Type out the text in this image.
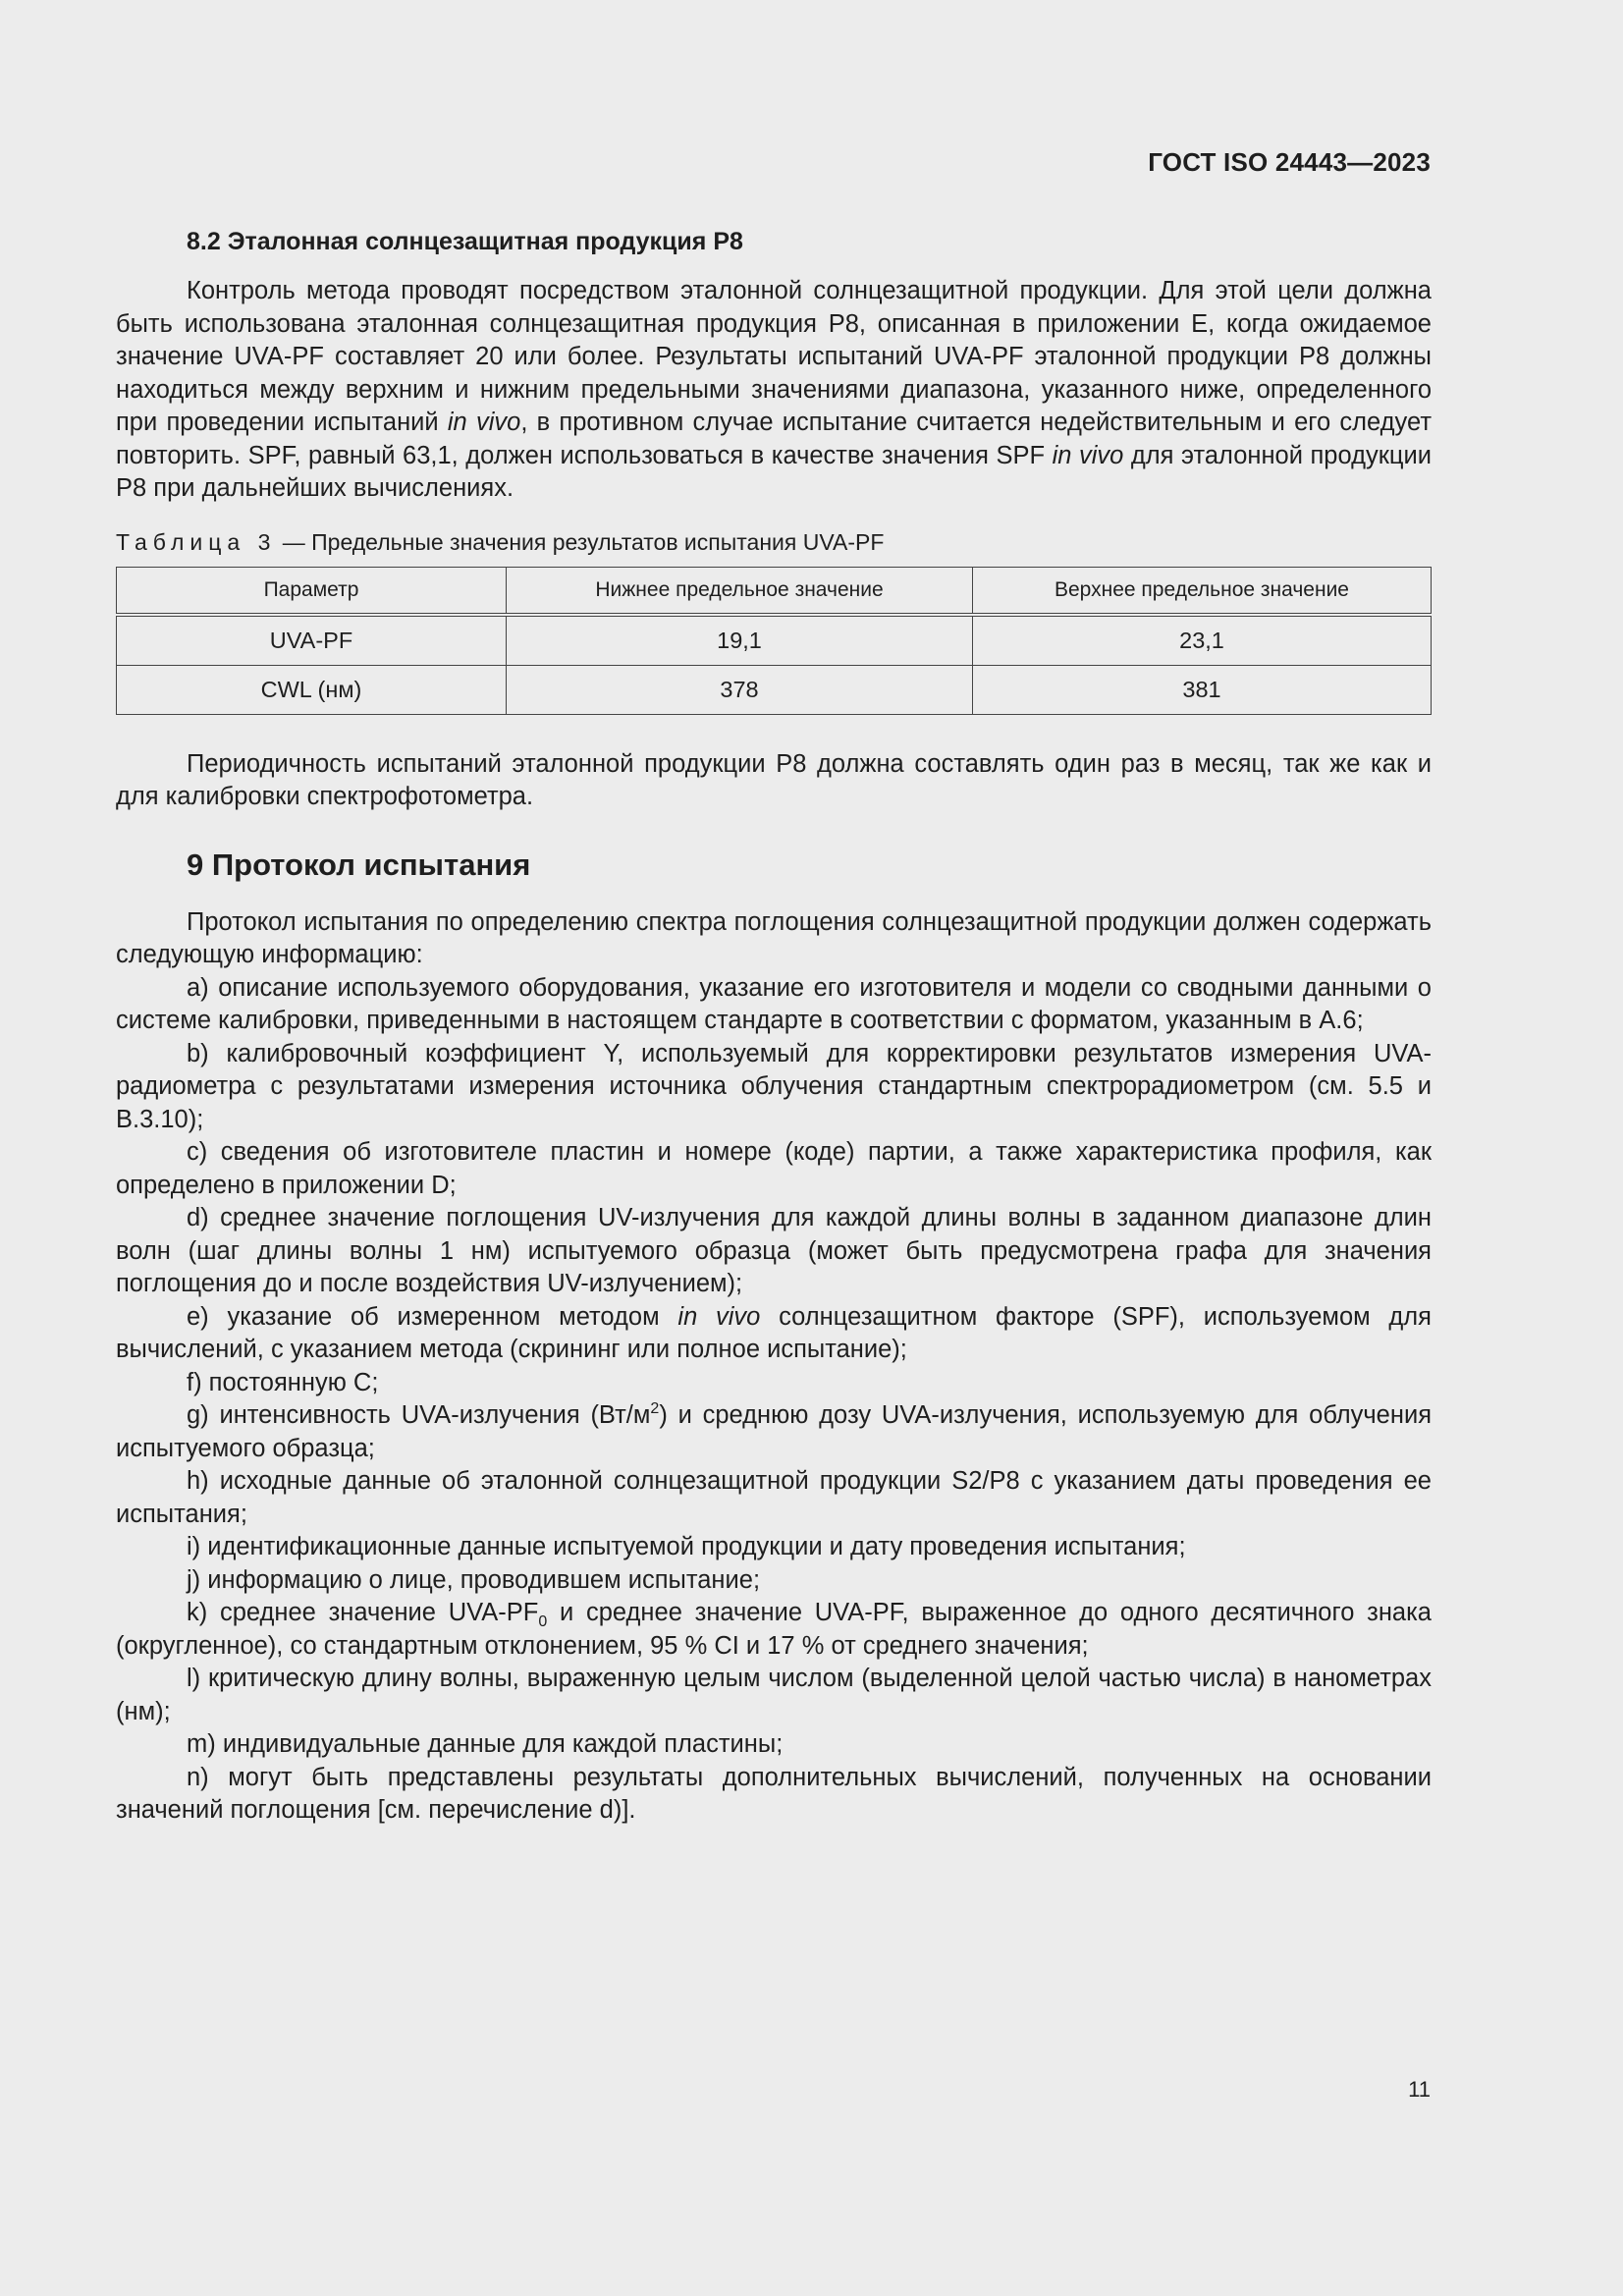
ГОСТ ISO 24443—2023
8.2 Эталонная солнцезащитная продукция Р8

Контроль метода проводят посредством эталонной солнцезащитной продукции. Для этой цели должна быть использована эталонная солнцезащитная продукция Р8, описанная в приложении Е, когда ожидаемое значение UVA-PF составляет 20 или более. Результаты испытаний UVA-PF эталонной продукции Р8 должны находиться между верхним и нижним предельными значениями диапазона, указанного ниже, определенного при проведении испытаний in vivo, в противном случае испытание считается недействительным и его следует повторить. SPF, равный 63,1, должен использоваться в качестве значения SPF in vivo для эталонной продукции Р8 при дальнейших вычислениях.

Таблица 3 — Предельные значения результатов испытания UVA-PF
Параметр	Нижнее предельное значение	Верхнее предельное значение
UVA-PF	19,1	23,1
CWL (нм)	378	381

Периодичность испытаний эталонной продукции Р8 должна составлять один раз в месяц, так же как и для калибровки спектрофотометра.

9 Протокол испытания

Протокол испытания по определению спектра поглощения солнцезащитной продукции должен содержать следующую информацию:

a) описание используемого оборудования, указание его изготовителя и модели со сводными данными о системе калибровки, приведенными в настоящем стандарте в соответствии с форматом, указанным в А.6;

b) калибровочный коэффициент Y, используемый для корректировки результатов измерения UVA-радиометра с результатами измерения источника облучения стандартным спектрорадиометром (см. 5.5 и В.3.10);

c) сведения об изготовителе пластин и номере (коде) партии, а также характеристика профиля, как определено в приложении D;

d) среднее значение поглощения UV-излучения для каждой длины волны в заданном диапазоне длин волн (шаг длины волны 1 нм) испытуемого образца (может быть предусмотрена графа для значения поглощения до и после воздействия UV-излучением);

e) указание об измеренном методом in vivo солнцезащитном факторе (SPF), используемом для вычислений, с указанием метода (скрининг или полное испытание);

f) постоянную С;

g) интенсивность UVA-излучения $(Вт/м^2)$ и среднюю дозу UVA-излучения, используемую для облучения испытуемого образца;

h) исходные данные об эталонной солнцезащитной продукции S2/P8 с указанием даты проведения ее испытания;

i) идентификационные данные испытуемой продукции и дату проведения испытания;

j) информацию о лице, проводившем испытание;

k) среднее значение UVA-$PF_0$ и среднее значение UVA-PF, выраженное до одного десятичного знака (округленное), со стандартным отклонением, 95 % CI и 17 % от среднего значения;

l) критическую длину волны, выраженную целым числом (выделенной целой частью числа) в нанометрах (нм);

m) индивидуальные данные для каждой пластины;

n) могут быть представлены результаты дополнительных вычислений, полученных на основании значений поглощения [см. перечисление d)].

11
